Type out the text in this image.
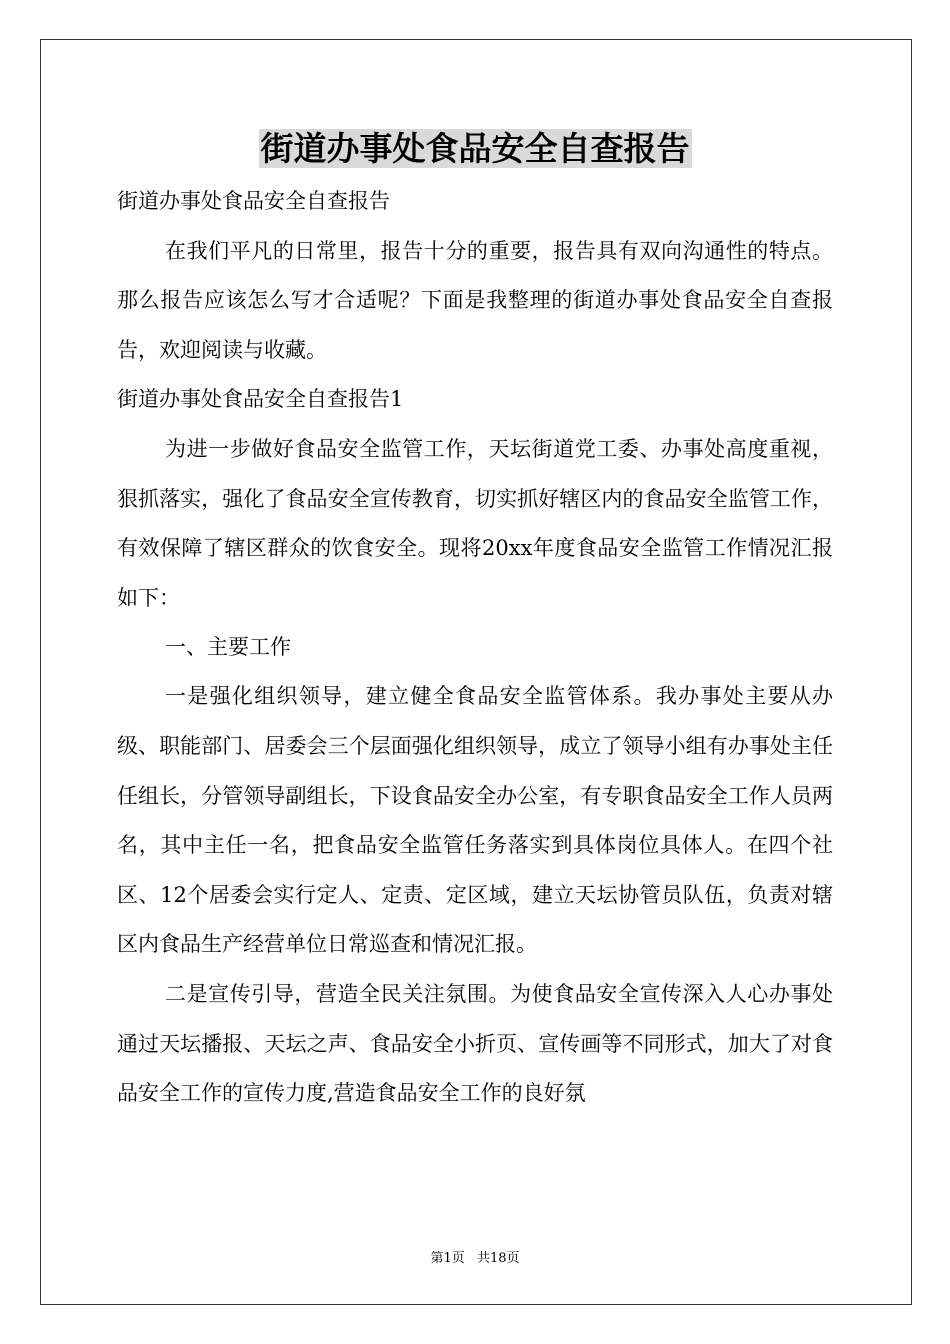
街道办事处食品安全自查报告

街道办事处食品安全自查报告

在我们平凡的日常里，报告十分的重要，报告具有双向沟通性的特点。那么报告应该怎么写才合适呢？下面是我整理的街道办事处食品安全自查报告，欢迎阅读与收藏。

街道办事处食品安全自查报告1

为进一步做好食品安全监管工作，天坛街道党工委、办事处高度重视，狠抓落实，强化了食品安全宣传教育，切实抓好辖区内的食品安全监管工作，有效保障了辖区群众的饮食安全。现将20xx年度食品安全监管工作情况汇报如下：

一、主要工作

一是强化组织领导，建立健全食品安全监管体系。我办事处主要从办级、职能部门、居委会三个层面强化组织领导，成立了领导小组有办事处主任任组长，分管领导副组长，下设食品安全办公室，有专职食品安全工作人员两名，其中主任一名，把食品安全监管任务落实到具体岗位具体人。在四个社区、12个居委会实行定人、定责、定区域，建立天坛协管员队伍，负责对辖区内食品生产经营单位日常巡查和情况汇报。

二是宣传引导，营造全民关注氛围。为使食品安全宣传深入人心办事处通过天坛播报、天坛之声、食品安全小折页、宣传画等不同形式，加大了对食品安全工作的宣传力度,营造食品安全工作的良好氛

第1页 共18页
